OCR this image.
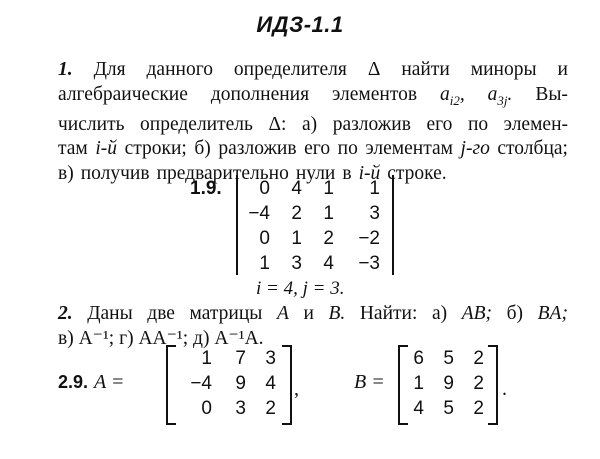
ИДЗ-1.1
1. Для данного определителя Δ найти миноры и
алгебраические дополнения элементов $a_{i2}$, $a_{3j}$. Вы-
числить определитель Δ: а) разложив его по элемен-
там i-й строки; б) разложив его по элементам j-го столбца;
в) получив предварительно нули в i-й строке.
1.9.	0	4	1	1
−4	2	1	3
0	1	2	−2
1	3	4	−3
i = 4, j = 3.
2. Даны две матрицы A и B. Найти: а) AB; б) BA;
в) A⁻¹; г) AA⁻¹; д) A⁻¹A.
2.9. A =
1	7	3
−4	9	4
0	3	2
,	B =
6	5	2
1	9	2
4	5	2
.
